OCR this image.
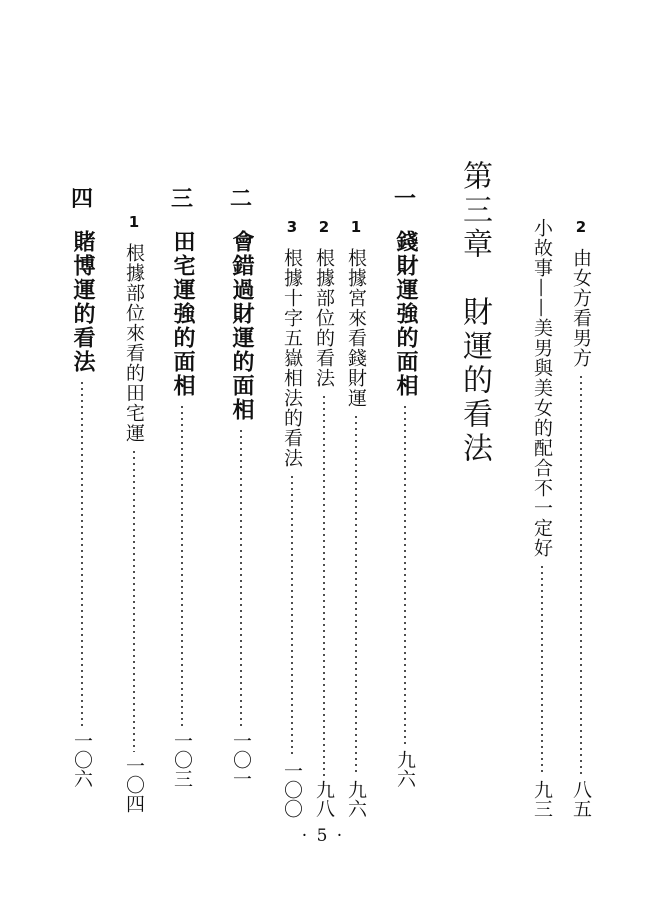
2
由女方看男方
八五
小故事——美男與美女的配合不一定好
九三
第三章　財運的看法
一
錢財運強的面相
九六
1
根據宮來看錢財運
九六
2
根據部位的看法
九八
3
根據十字五嶽相法的看法
一〇〇
二
會錯過財運的面相
一〇一
三
田宅運強的面相
一〇三
1
根據部位來看的田宅運
一〇四
四
賭博運的看法
一〇六
· 5 ·
